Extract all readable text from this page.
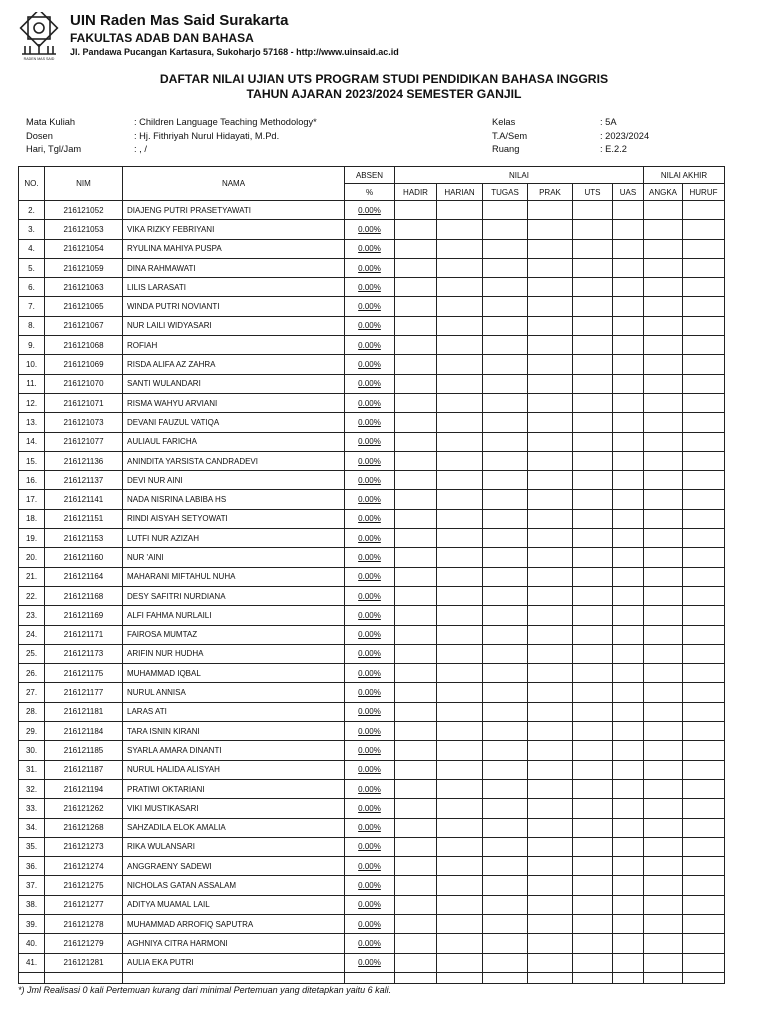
RADEN MAS SAID
UIN Raden Mas Said Surakarta
FAKULTAS ADAB DAN BAHASA
Jl. Pandawa Pucangan Kartasura, Sukoharjo 57168 - http://www.uinsaid.ac.id
DAFTAR NILAI UJIAN UTS PROGRAM STUDI PENDIDIKAN BAHASA INGGRIS
TAHUN AJARAN 2023/2024 SEMESTER GANJIL
Mata Kuliah	: Children Language Teaching Methodology*
Dosen	: Hj. Fithriyah Nurul Hidayati, M.Pd.
Hari, Tgl/Jam	: , /
Kelas	: 5A
T.A/Sem	: 2023/2024
Ruang	: E.2.2
NO.	NIM	NAMA	ABSEN	NILAI						NILAI AKHIR	
			%	HADIR	HARIAN	TUGAS	PRAK	UTS	UAS	ANGKA	HURUF
2.	216121052	DIAJENG PUTRI PRASETYAWATI	0.00%								
3.	216121053	VIKA RIZKY FEBRIYANI	0.00%								
4.	216121054	RYULINA MAHIYA PUSPA	0.00%								
5.	216121059	DINA RAHMAWATI	0.00%								
6.	216121063	LILIS LARASATI	0.00%								
7.	216121065	WINDA PUTRI NOVIANTI	0.00%								
8.	216121067	NUR LAILI WIDYASARI	0.00%								
9.	216121068	ROFIAH	0.00%								
10.	216121069	RISDA ALIFA AZ ZAHRA	0.00%								
11.	216121070	SANTI WULANDARI	0.00%								
12.	216121071	RISMA WAHYU ARVIANI	0.00%								
13.	216121073	DEVANI FAUZUL VATIQA	0.00%								
14.	216121077	AULIAUL FARICHA	0.00%								
15.	216121136	ANINDITA YARSISTA CANDRADEVI	0.00%								
16.	216121137	DEVI NUR AINI	0.00%								
17.	216121141	NADA NISRINA LABIBA HS	0.00%								
18.	216121151	RINDI AISYAH SETYOWATI	0.00%								
19.	216121153	LUTFI NUR AZIZAH	0.00%								
20.	216121160	NUR 'AINI	0.00%								
21.	216121164	MAHARANI MIFTAHUL NUHA	0.00%								
22.	216121168	DESY SAFITRI NURDIANA	0.00%								
23.	216121169	ALFI FAHMA NURLAILI	0.00%								
24.	216121171	FAIROSA MUMTAZ	0.00%								
25.	216121173	ARIFIN NUR HUDHA	0.00%								
26.	216121175	MUHAMMAD IQBAL	0.00%								
27.	216121177	NURUL ANNISA	0.00%								
28.	216121181	LARAS ATI	0.00%								
29.	216121184	TARA ISNIN KIRANI	0.00%								
30.	216121185	SYARLA AMARA DINANTI	0.00%								
31.	216121187	NURUL HALIDA ALISYAH	0.00%								
32.	216121194	PRATIWI OKTARIANI	0.00%								
33.	216121262	VIKI MUSTIKASARI	0.00%								
34.	216121268	SAHZADILA ELOK AMALIA	0.00%								
35.	216121273	RIKA WULANSARI	0.00%								
36.	216121274	ANGGRAENY SADEWI	0.00%								
37.	216121275	NICHOLAS GATAN ASSALAM	0.00%								
38.	216121277	ADITYA MUAMAL LAIL	0.00%								
39.	216121278	MUHAMMAD ARROFIQ SAPUTRA	0.00%								
40.	216121279	AGHNIYA CITRA HARMONI	0.00%								
41.	216121281	AULIA EKA PUTRI	0.00%								

*) Jml Realisasi 0 kali Pertemuan kurang dari minimal Pertemuan yang ditetapkan yaitu 6 kali.
